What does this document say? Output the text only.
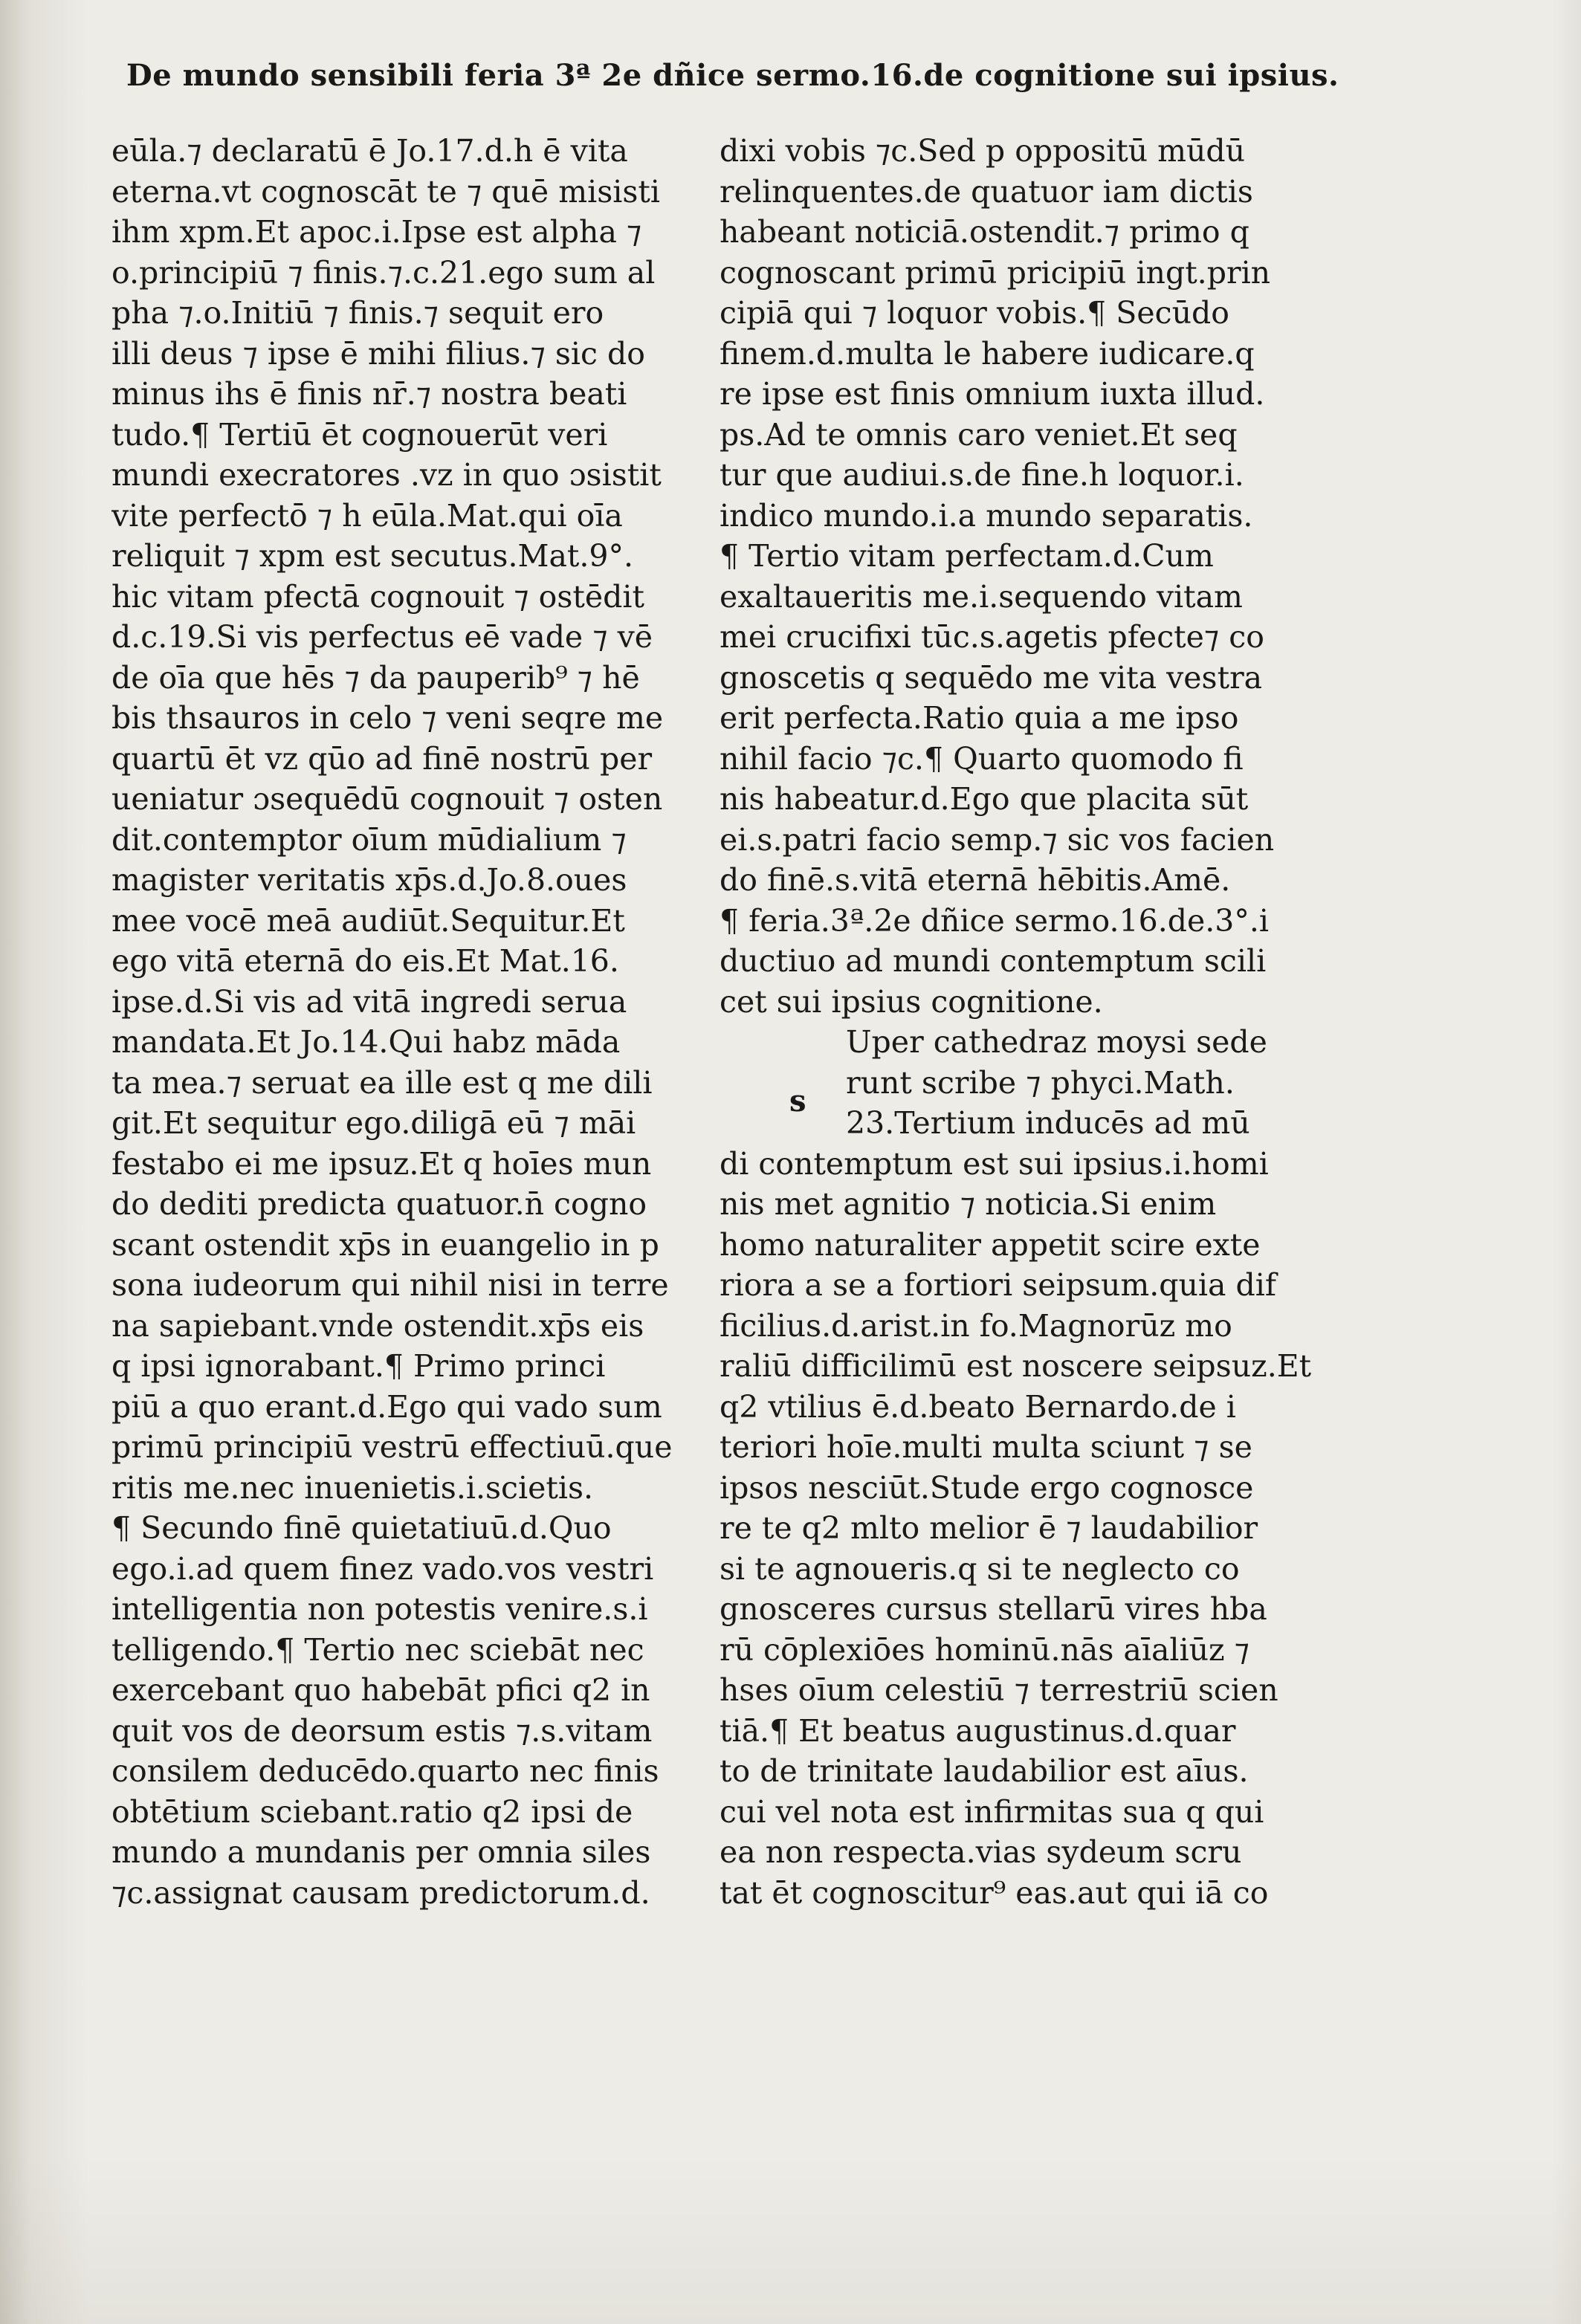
De mundo sensibili feria 3ª 2e dñice sermo.16.de cognitione sui ipsius.
eūla.⁊ declaratū ē Jo.17.d.h ē vita
eterna.vt cognoscāt te ⁊ quē misisti
ihm xpm.Et apoc.i.Ipse est alpha ⁊
o.principiū ⁊ finis.⁊.c.21.ego sum al
pha ⁊.o.Initiū ⁊ finis.⁊ sequit ero
illi deus ⁊ ipse ē mihi filius.⁊ sic do
minus ihs ē finis nr̄.⁊ nostra beati
tudo.¶ Tertiū ēt cognouerūt veri
mundi execratores .vz in quo ɔsistit
vite perfectō ⁊ h eūla.Mat.qui oīa
reliquit ⁊ xpm est secutus.Mat.9°.
hic vitam pfectā cognouit ⁊ ostēdit
d.c.19.Si vis perfectus eē vade ⁊ vē
de oīa que hēs ⁊ da pauperib⁹ ⁊ hē
bis thsauros in celo ⁊ veni seqre me
quartū ēt vz qūo ad finē nostrū per
ueniatur ɔsequēdū cognouit ⁊ osten
dit.contemptor oīum mūdialium ⁊
magister veritatis xp̄s.d.Jo.8.oues
mee vocē meā audiūt.Sequitur.Et
ego vitā eternā do eis.Et Mat.16.
ipse.d.Si vis ad vitā ingredi serua
mandata.Et Jo.14.Qui habz māda
ta mea.⁊ seruat ea ille est q me dili
git.Et sequitur ego.diligā eū ⁊ māi
festabo ei me ipsuz.Et q hoīes mun
do dediti predicta quatuor.n̄ cogno
scant ostendit xp̄s in euangelio in p
sona iudeorum qui nihil nisi in terre
na sapiebant.vnde ostendit.xp̄s eis
q ipsi ignorabant.¶ Primo princi
piū a quo erant.d.Ego qui vado sum
primū principiū vestrū effectiuū.que
ritis me.nec inuenietis.i.scietis.
¶ Secundo finē quietatiuū.d.Quo
ego.i.ad quem finez vado.vos vestri
intelligentia non potestis venire.s.i
telligendo.¶ Tertio nec sciebāt nec
exercebant quo habebāt pfici q2 in
quit vos de deorsum estis ⁊.s.vitam
consilem deducēdo.quarto nec finis
obtētium sciebant.ratio q2 ipsi de
mundo a mundanis per omnia siles
⁊c.assignat causam predictorum.d.
dixi vobis ⁊c.Sed p oppositū mūdū
relinquentes.de quatuor iam dictis
habeant noticiā.ostendit.⁊ primo q
cognoscant primū pricipiū ingt.prin
cipiā qui ⁊ loquor vobis.¶ Secūdo
finem.d.multa le habere iudicare.q
re ipse est finis omnium iuxta illud.
ps.Ad te omnis caro veniet.Et seq
tur que audiui.s.de fine.h loquor.i.
indico mundo.i.a mundo separatis.
¶ Tertio vitam perfectam.d.Cum
exaltaueritis me.i.sequendo vitam
mei crucifixi tūc.s.agetis pfecte⁊ co
gnoscetis q sequēdo me vita vestra
erit perfecta.Ratio quia a me ipso
nihil facio ⁊c.¶ Quarto quomodo fi
nis habeatur.d.Ego que placita sūt
ei.s.patri facio semp.⁊ sic vos facien
do finē.s.vitā eternā hēbitis.Amē.
¶ feria.3ª.2e dñice sermo.16.de.3°.i
ductiuo ad mundi contemptum scili
cet sui ipsius cognitione.
Uper cathedraz moysi sede
runt scribe ⁊ phyci.Math.
23.Tertium inducēs ad mū
di contemptum est sui ipsius.i.homi
nis met agnitio ⁊ noticia.Si enim
homo naturaliter appetit scire exte
riora a se a fortiori seipsum.quia dif
ficilius.d.arist.in fo.Magnorūz mo
raliū difficilimū est noscere seipsuz.Et
q2 vtilius ē.d.beato Bernardo.de i
teriori hoīe.multi multa sciunt ⁊ se
ipsos nesciūt.Stude ergo cognosce
re te q2 mlto melior ē ⁊ laudabilior
si te agnoueris.q si te neglecto co
gnosceres cursus stellarū vires hba
rū cōplexiōes hominū.nās aīaliūz ⁊
hses oīum celestiū ⁊ terrestriū scien
tiā.¶ Et beatus augustinus.d.quar
to de trinitate laudabilior est aīus.
cui vel nota est infirmitas sua q qui
ea non respecta.vias sydeum scru
tat ēt cognoscitur⁹ eas.aut qui iā co
s
